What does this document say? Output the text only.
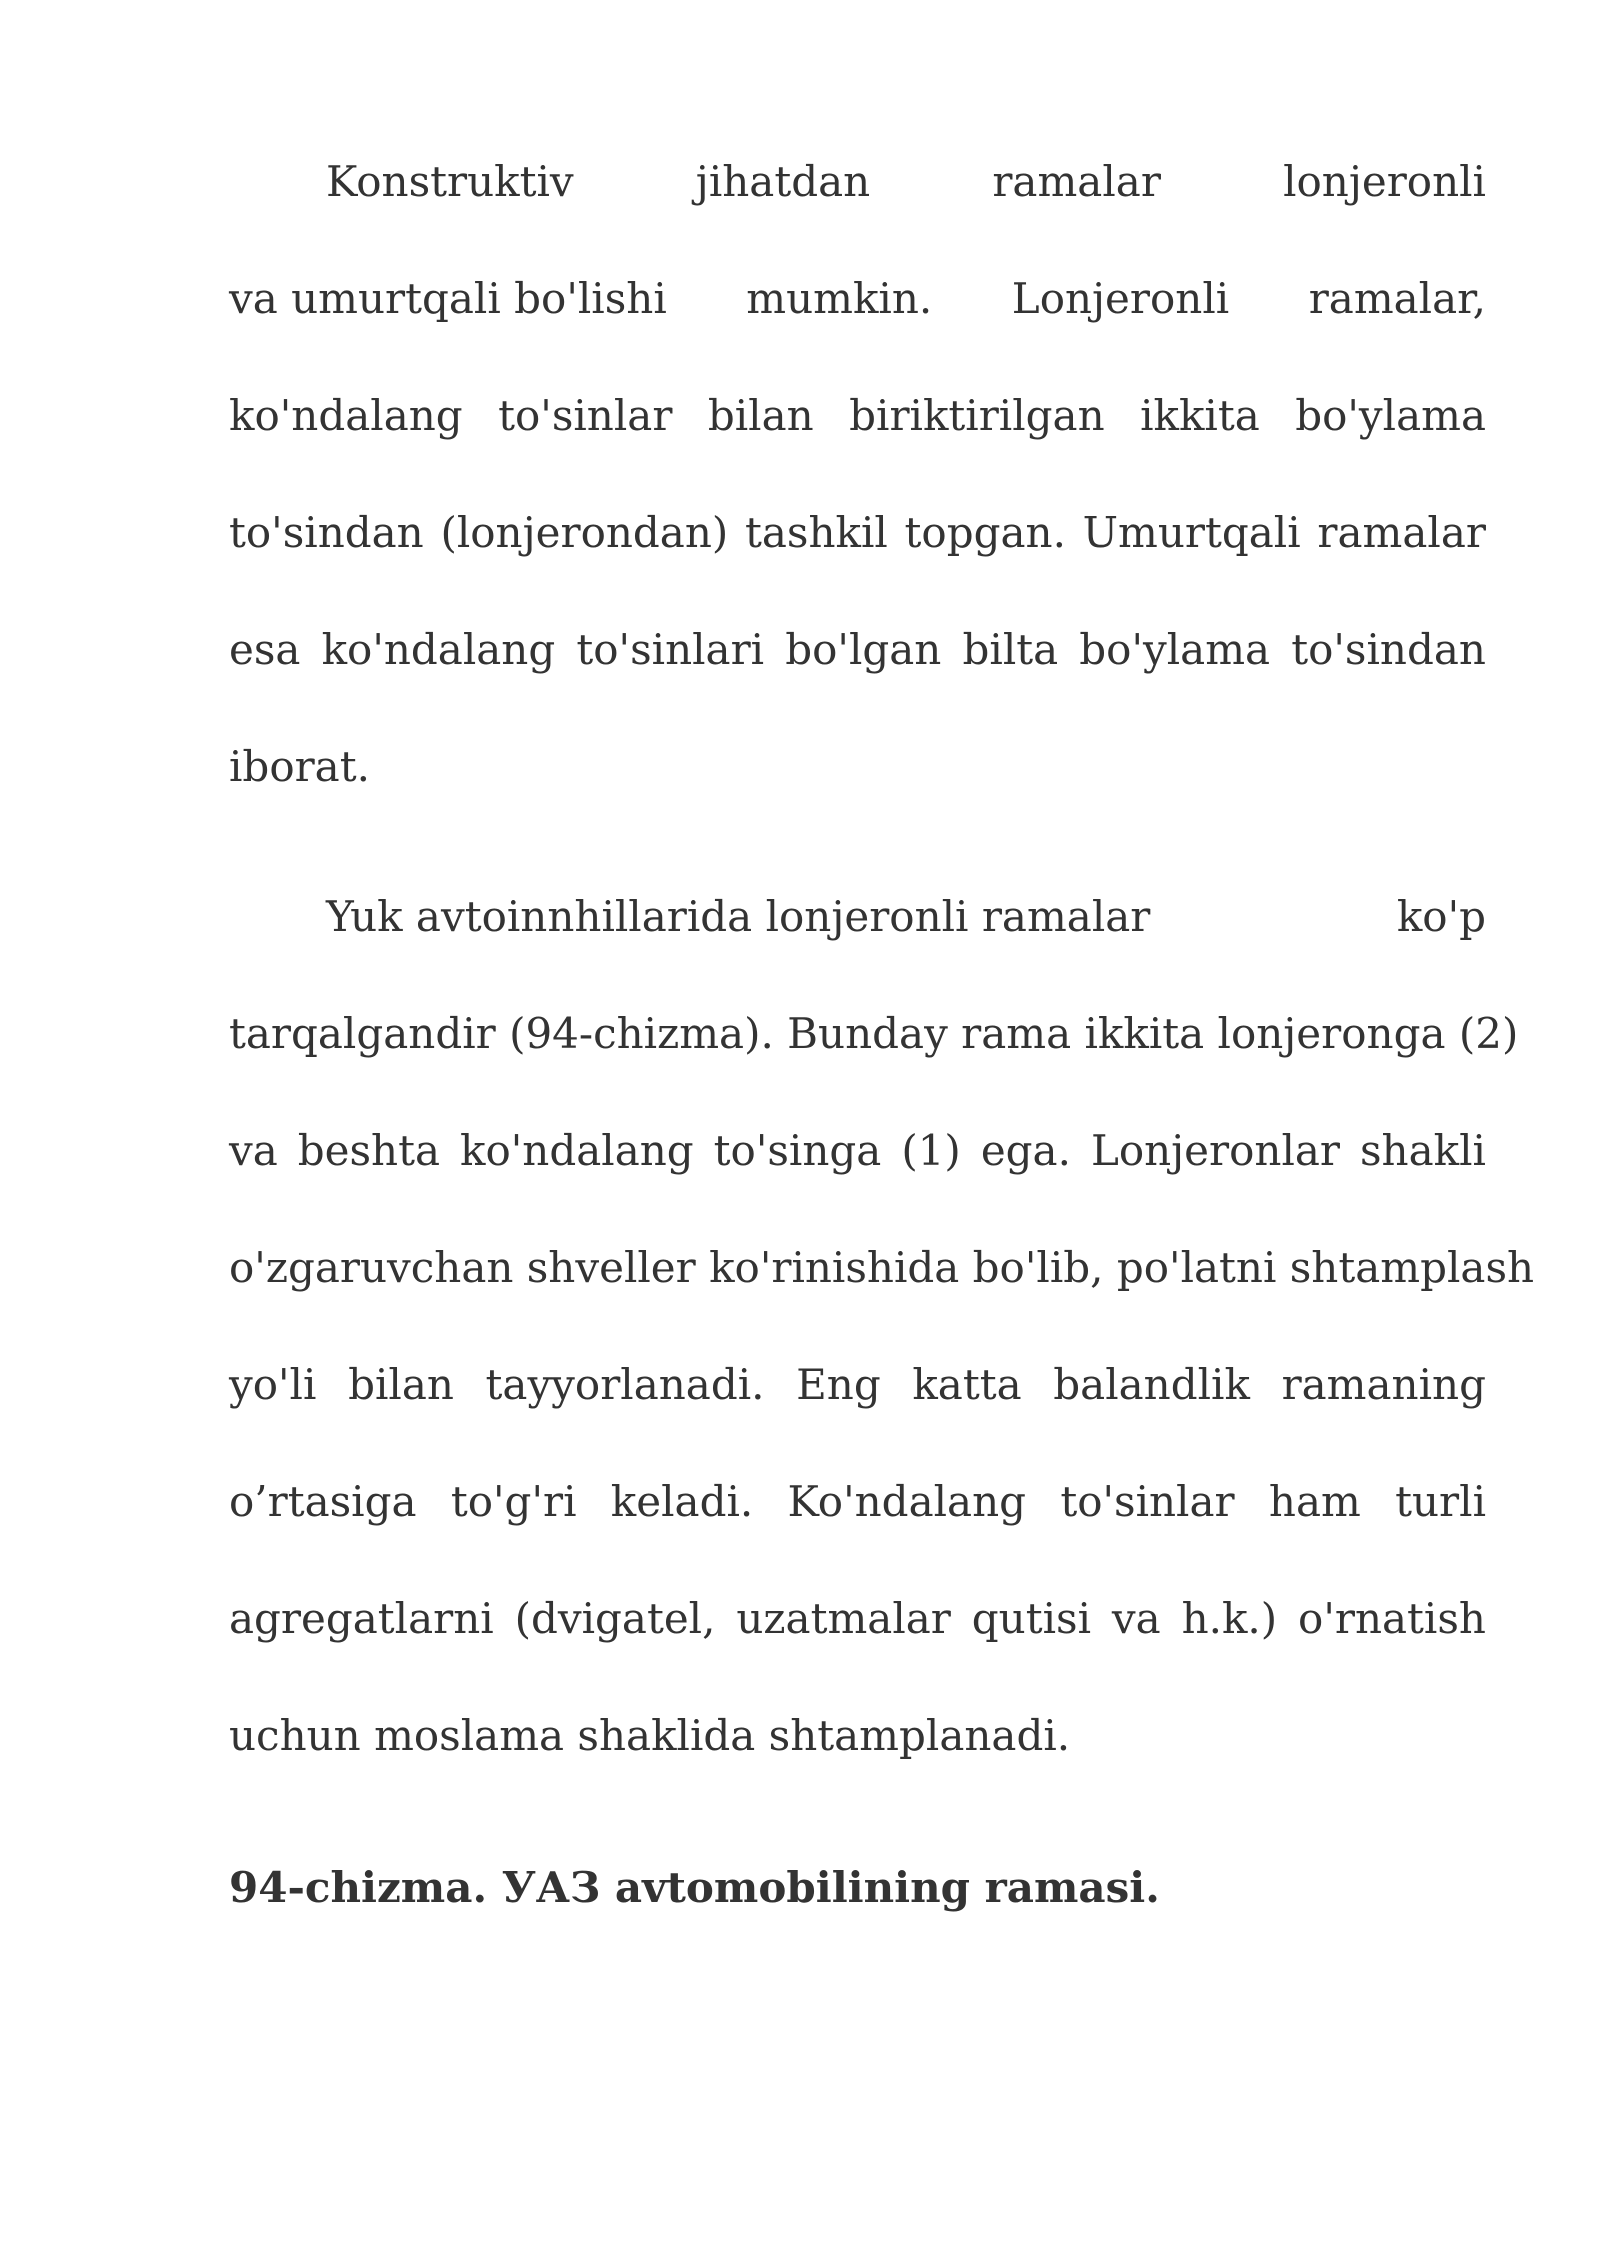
Konstruktiv	jihatdan	ramalar	lonjeronli
va umurtqali bo'lishi mumkin. Lonjeronli ramalar,
ko'ndalang to'sinlar bilan biriktirilgan ikkita bo'ylama
to'sindan (lonjerondan) tashkil topgan. Umurtqali ramalar
esa ko'ndalang to'sinlari bo'lgan bilta bo'ylama to'sindan
iborat.
Yuk avtoinnhillarida lonjeronli ramalar	ko'p
tarqalgandir (94-chizma). Bunday rama ikkita lonjeronga (2)
va beshta ko'ndalang to'singa (1) ega. Lonjeronlar shakli
o'zgaruvchan shveller ko'rinishida bo'lib, po'latni shtamplash
yo'li bilan tayyorlanadi. Eng katta balandlik ramaning
o’rtasiga to'g'ri keladi. Ko'ndalang to'sinlar ham turli
agregatlarni (dvigatel, uzatmalar qutisi va h.k.) o'rnatish
uchun moslama shaklida shtamplanadi.
94-chizma. УАЗ avtomobilining ramasi.
